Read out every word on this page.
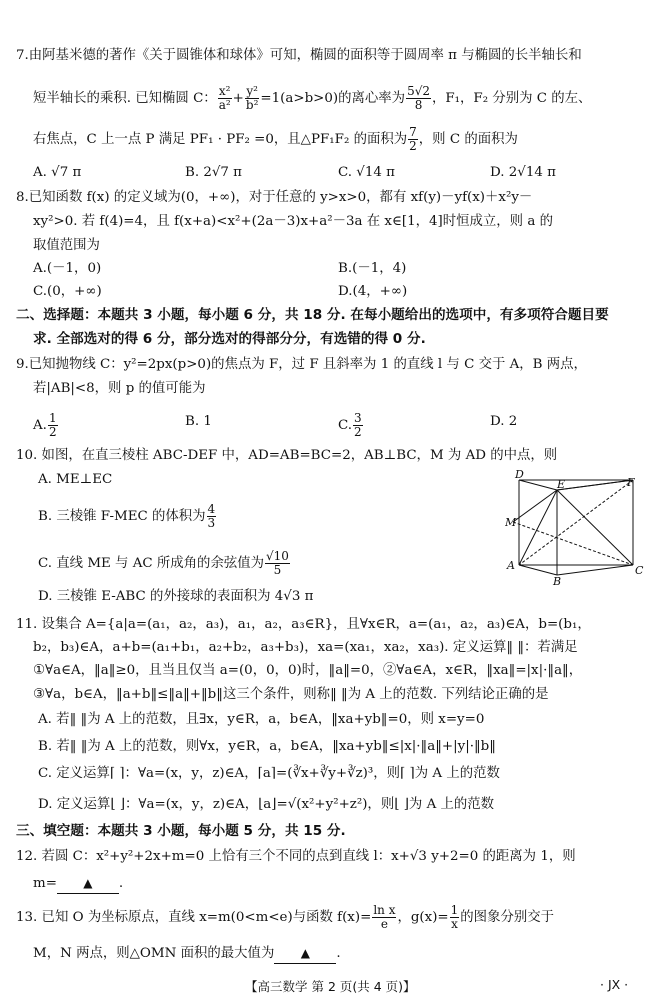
7.由阿基米德的著作《关于圆锥体和球体》可知，椭圆的面积等于圆周率 π 与椭圆的长半轴长和
短半轴长的乘积. 已知椭圆 C： $\frac{\text{x²}}{\text{a²}} + \frac{\text{y²}}{\text{b²}} =1(a>b>0)$的离心率为 $\frac{5√2}{8}$ ，F₁，F₂ 分别为 C 的左、
右焦点，C 上一点 P 满足 PF₁ · PF₂ =0，且△PF₁F₂ 的面积为 $\frac{7}{2}$ ，则 C 的面积为
A. √7 π	B. 2√7 π	C. √14 π	D. 2√14 π
8.已知函数 f(x) 的定义域为(0，+∞)，对于任意的 y>x>0，都有 xf(y)－yf(x)＋x²y－
xy²>0. 若 f(4)=4，且 f(x+a)<x²+(2a－3)x+a²－3a 在 x∈[1，4]时恒成立，则 a 的
取值范围为
A.(－1，0)	B.(－1，4)
C.(0，+∞)	D.(4，+∞)
二、选择题：本题共 3 小题，每小题 6 分，共 18 分. 在每小题给出的选项中，有多项符合题目要
求. 全部选对的得 6 分，部分选对的得部分分，有选错的得 0 分.
9.已知抛物线 C：y²=2px(p>0)的焦点为 F，过 F 且斜率为 1 的直线 l 与 C 交于 A，B 两点，
若|AB|<8，则 p 的值可能为
A. $\frac{1}{2}$	B. 1	C. $\frac{3}{2}$	D. 2
10. 如图，在直三棱柱 ABC-DEF 中，AD=AB=BC=2，AB⊥BC，M 为 AD 的中点，则
A. ME⊥EC
B. 三棱锥 F-MEC 的体积为 $\frac{4}{3}$
C. 直线 ME 与 AC 所成角的余弦值为 $\frac{√10}{5}$
D. 三棱锥 E-ABC 的外接球的表面积为 4√3 π
D
E	F
M
A
B
C
11. 设集合 A={a|a=(a₁，a₂，a₃)，a₁，a₂，a₃∈R}，且∀x∈R，a=(a₁，a₂，a₃)∈A，b=(b₁，
b₂，b₃)∈A，a+b=(a₁+b₁，a₂+b₂，a₃+b₃)，xa=(xa₁，xa₂，xa₃). 定义运算‖ ‖：若满足
①∀a∈A，‖a‖≥0，且当且仅当 a=(0，0，0)时，‖a‖=0，②∀a∈A，x∈R，‖xa‖=|x|·‖a‖，
③∀a，b∈A，‖a+b‖≤‖a‖+‖b‖这三个条件，则称‖ ‖为 A 上的范数. 下列结论正确的是
A. 若‖ ‖为 A 上的范数，且∃x，y∈R，a，b∈A，‖xa+yb‖=0，则 x=y=0
B. 若‖ ‖为 A 上的范数，则∀x，y∈R，a，b∈A，‖xa+yb‖≤|x|·‖a‖+|y|·‖b‖
C. 定义运算⌈ ⌉：∀a=(x，y，z)∈A，⌈a⌉=(∛x+∛y+∛z)³，则⌈ ⌉为 A 上的范数
D. 定义运算⌊ ⌋：∀a=(x，y，z)∈A，⌊a⌋=√(x²+y²+z²)，则⌊ ⌋为 A 上的范数
三、填空题：本题共 3 小题，每小题 5 分，共 15 分.
12. 若圆 C：x²+y²+2x+m=0 上恰有三个不同的点到直线 l：x+√3 y+2=0 的距离为 1，则
m= ▲ .
13. 已知 O 为坐标原点，直线 x=m(0<m<e)与函数 $f(x)= \frac{\text{ln x}}{e}$ ，$g(x)= \frac{1}{x}$ 的图象分别交于
M，N 两点，则△OMN 面积的最大值为 ▲ .
【高三数学 第 2 页(共 4 页)】	· JX ·
